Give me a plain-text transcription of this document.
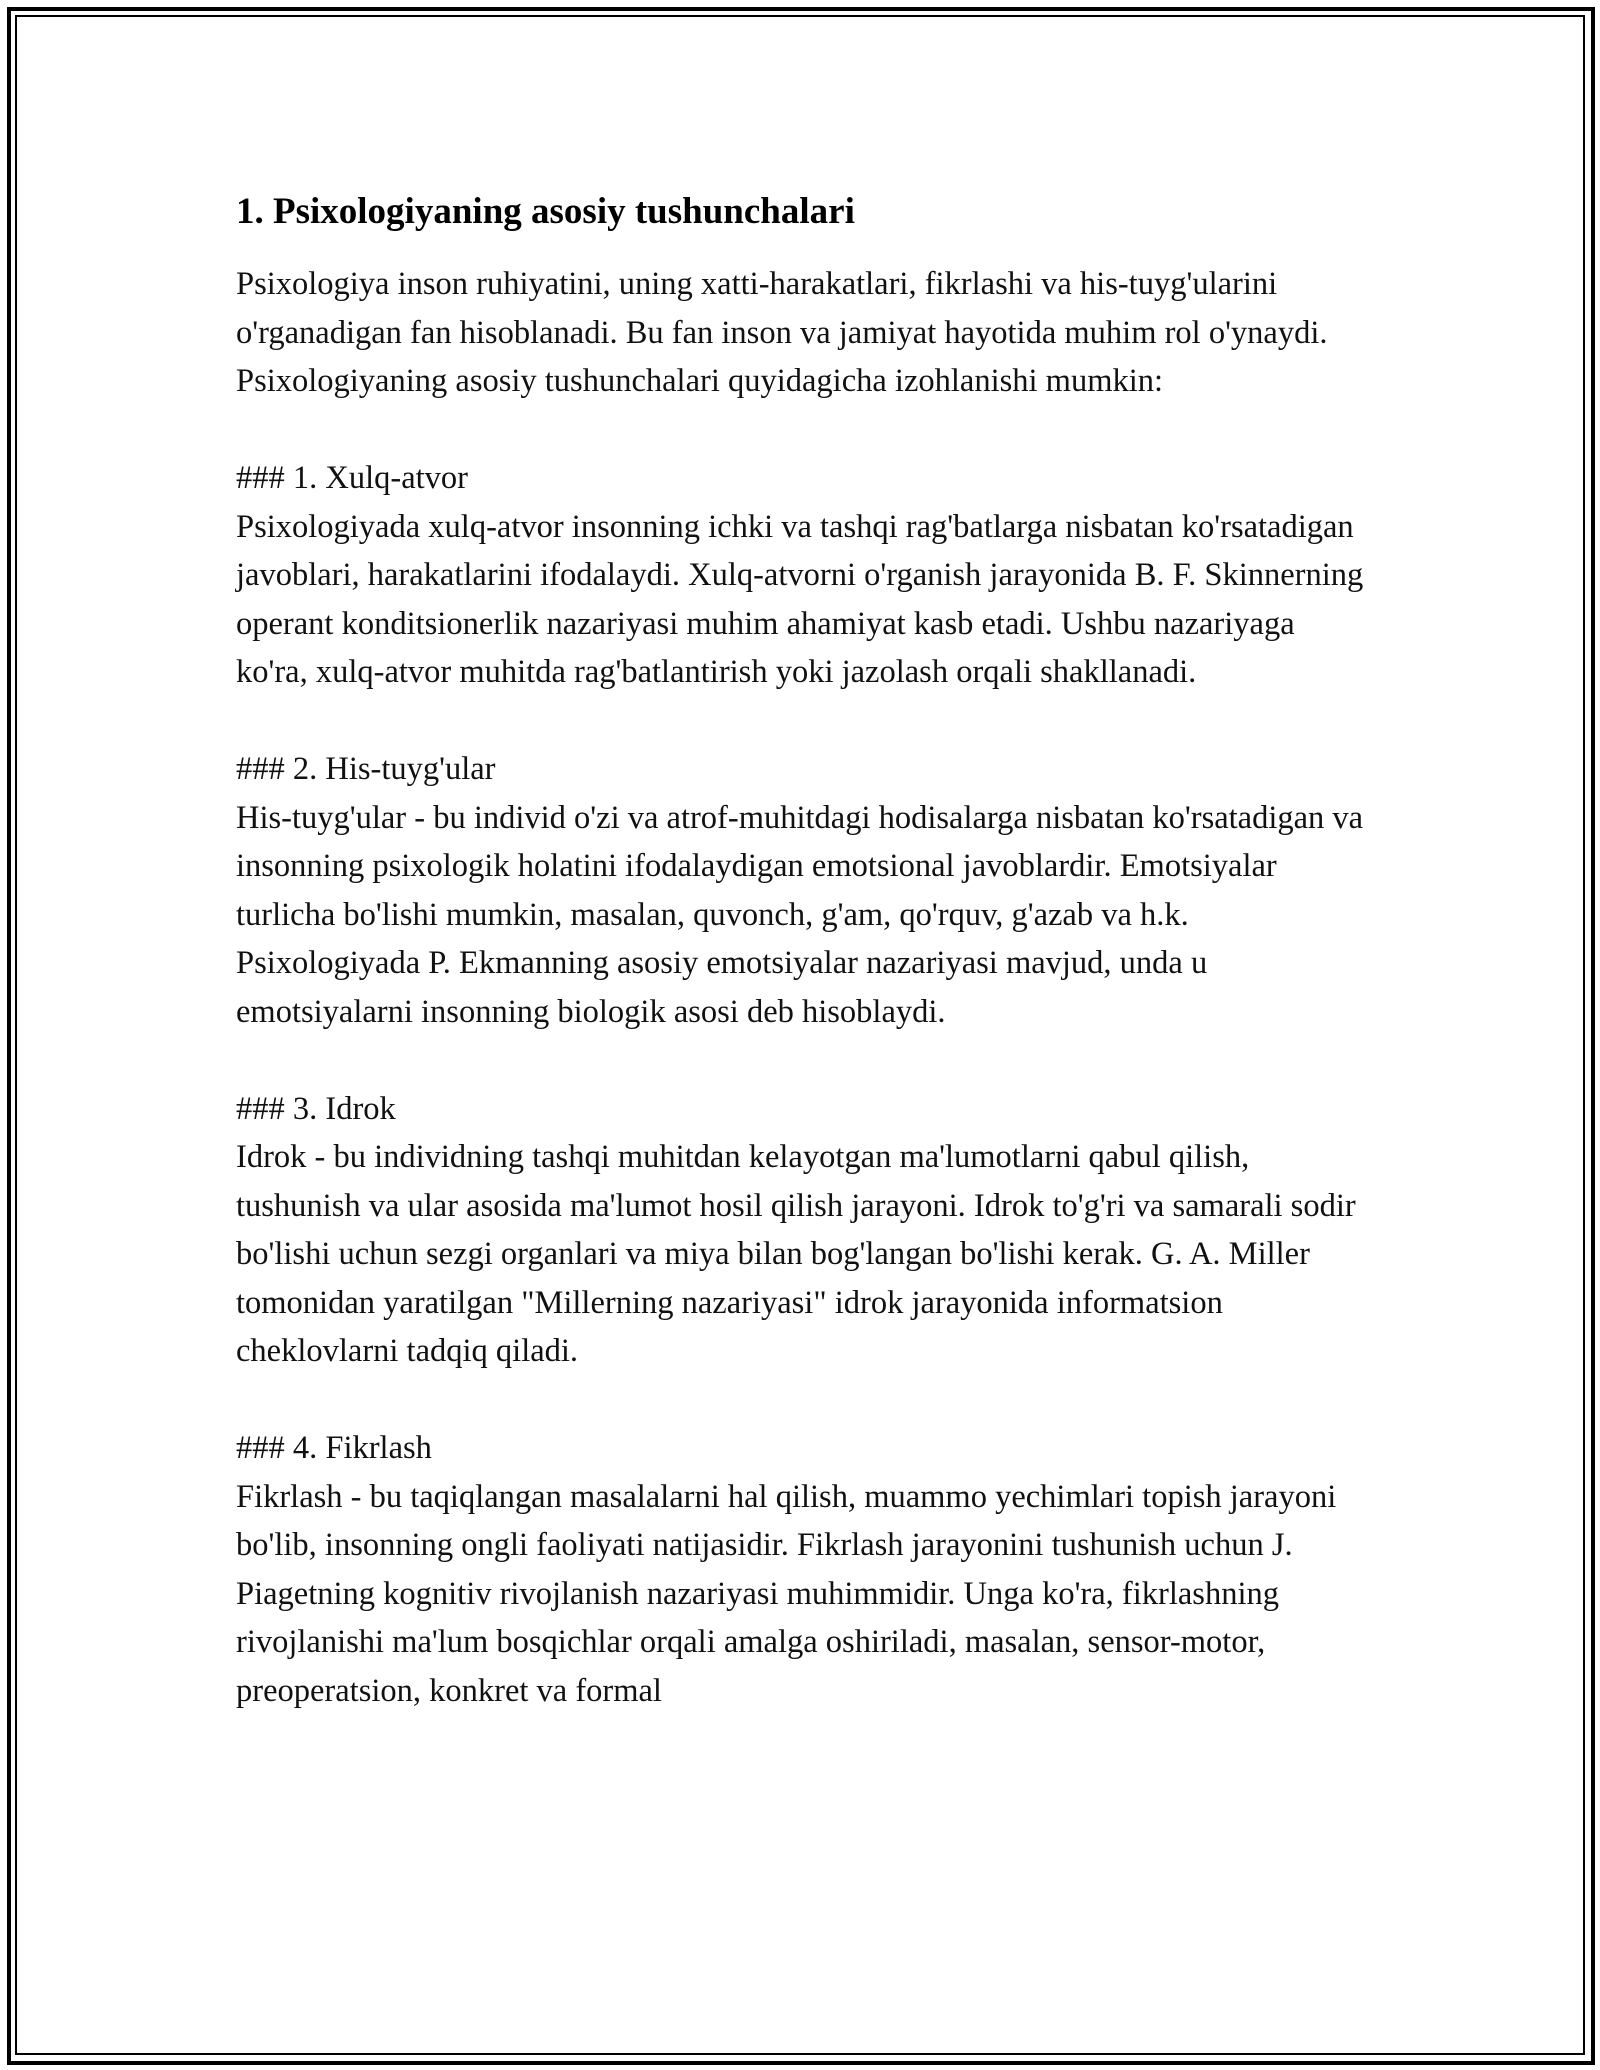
1. Psixologiyaning asosiy tushunchalari

Psixologiya inson ruhiyatini, uning xatti-harakatlari, fikrlashi va his-tuyg'ularini o'rganadigan fan hisoblanadi. Bu fan inson va jamiyat hayotida muhim rol o'ynaydi. Psixologiyaning asosiy tushunchalari quyidagicha izohlanishi mumkin:

### 1. Xulq-atvor

Psixologiyada xulq-atvor insonning ichki va tashqi rag'batlarga nisbatan ko'rsatadigan javoblari, harakatlarini ifodalaydi. Xulq-atvorni o'rganish jarayonida B. F. Skinnerning operant konditsionerlik nazariyasi muhim ahamiyat kasb etadi. Ushbu nazariyaga ko'ra, xulq-atvor muhitda rag'batlantirish yoki jazolash orqali shakllanadi.

### 2. His-tuyg'ular

His-tuyg'ular - bu individ o'zi va atrof-muhitdagi hodisalarga nisbatan ko'rsatadigan va insonning psixologik holatini ifodalaydigan emotsional javoblardir. Emotsiyalar turlicha bo'lishi mumkin, masalan, quvonch, g'am, qo'rquv, g'azab va h.k. Psixologiyada P. Ekmanning asosiy emotsiyalar nazariyasi mavjud, unda u emotsiyalarni insonning biologik asosi deb hisoblaydi.

### 3. Idrok

Idrok - bu individning tashqi muhitdan kelayotgan ma'lumotlarni qabul qilish, tushunish va ular asosida ma'lumot hosil qilish jarayoni. Idrok to'g'ri va samarali sodir bo'lishi uchun sezgi organlari va miya bilan bog'langan bo'lishi kerak. G. A. Miller tomonidan yaratilgan "Millerning nazariyasi" idrok jarayonida informatsion cheklovlarni tadqiq qiladi.

### 4. Fikrlash

Fikrlash - bu taqiqlangan masalalarni hal qilish, muammo yechimlari topish jarayoni bo'lib, insonning ongli faoliyati natijasidir. Fikrlash jarayonini tushunish uchun J. Piagetning kognitiv rivojlanish nazariyasi muhimmidir. Unga ko'ra, fikrlashning rivojlanishi ma'lum bosqichlar orqali amalga oshiriladi, masalan, sensor-motor, preoperatsion, konkret va formal
